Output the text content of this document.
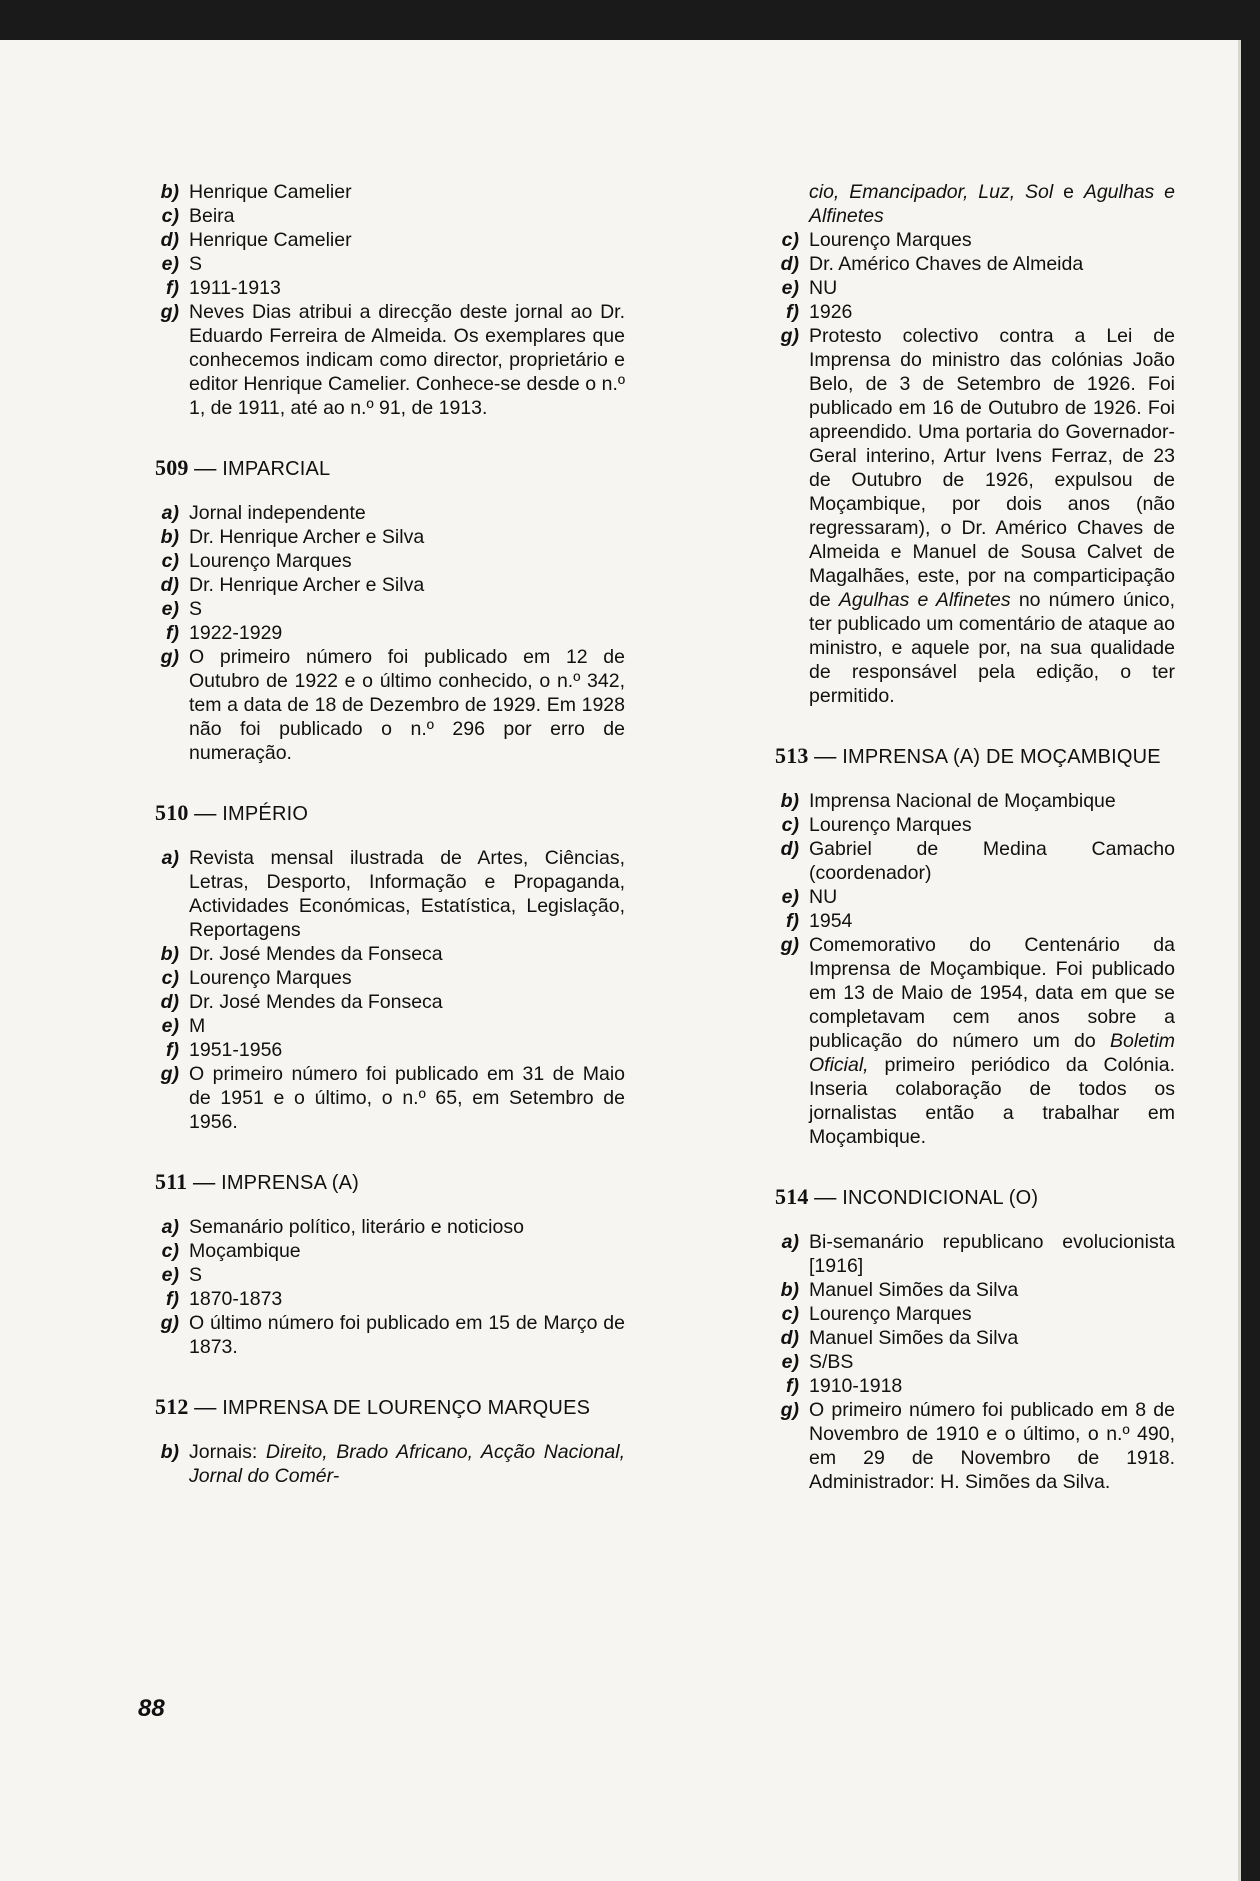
b) Henrique Camelier

c) Beira

d) Henrique Camelier

e) S

f) 1911-1913

g) Neves Dias atribui a direcção deste jornal ao Dr. Eduardo Ferreira de Almeida. Os exemplares que conhecemos indicam como director, proprietário e editor Henrique Camelier. Conhece-se desde o n.º 1, de 1911, até ao n.º 91, de 1913.

509 — IMPARCIAL

a) Jornal independente

b) Dr. Henrique Archer e Silva

c) Lourenço Marques

d) Dr. Henrique Archer e Silva

e) S

f) 1922-1929

g) O primeiro número foi publicado em 12 de Outubro de 1922 e o último conhecido, o n.º 342, tem a data de 18 de Dezembro de 1929. Em 1928 não foi publicado o n.º 296 por erro de numeração.

510 — IMPÉRIO

a) Revista mensal ilustrada de Artes, Ciências, Letras, Desporto, Informação e Propaganda, Actividades Económicas, Estatística, Legislação, Reportagens

b) Dr. José Mendes da Fonseca

c) Lourenço Marques

d) Dr. José Mendes da Fonseca

e) M

f) 1951-1956

g) O primeiro número foi publicado em 31 de Maio de 1951 e o último, o n.º 65, em Setembro de 1956.

511 — IMPRENSA (A)

a) Semanário político, literário e noticioso

c) Moçambique

e) S

f) 1870-1873

g) O último número foi publicado em 15 de Março de 1873.

512 — IMPRENSA DE LOURENÇO MARQUES

b) Jornais: Direito, Brado Africano, Acção Nacional, Jornal do Comér-

cio, Emancipador, Luz, Sol e Agulhas e Alfinetes

c) Lourenço Marques

d) Dr. Américo Chaves de Almeida

e) NU

f) 1926

g) Protesto colectivo contra a Lei de Imprensa do ministro das colónias João Belo, de 3 de Setembro de 1926. Foi publicado em 16 de Outubro de 1926. Foi apreendido. Uma portaria do Governador-Geral interino, Artur Ivens Ferraz, de 23 de Outubro de 1926, expulsou de Moçambique, por dois anos (não regressaram), o Dr. Américo Chaves de Almeida e Manuel de Sousa Calvet de Magalhães, este, por na comparticipação de Agulhas e Alfinetes no número único, ter publicado um comentário de ataque ao ministro, e aquele por, na sua qualidade de responsável pela edição, o ter permitido.

513 — IMPRENSA (A) DE MOÇAMBIQUE

b) Imprensa Nacional de Moçambique

c) Lourenço Marques

d) Gabriel de Medina Camacho (coordenador)

e) NU

f) 1954

g) Comemorativo do Centenário da Imprensa de Moçambique. Foi publicado em 13 de Maio de 1954, data em que se completavam cem anos sobre a publicação do número um do Boletim Oficial, primeiro periódico da Colónia. Inseria colaboração de todos os jornalistas então a trabalhar em Moçambique.

514 — INCONDICIONAL (O)

a) Bi-semanário republicano evolucionista [1916]

b) Manuel Simões da Silva

c) Lourenço Marques

d) Manuel Simões da Silva

e) S/BS

f) 1910-1918

g) O primeiro número foi publicado em 8 de Novembro de 1910 e o último, o n.º 490, em 29 de Novembro de 1918. Administrador: H. Simões da Silva.

88
